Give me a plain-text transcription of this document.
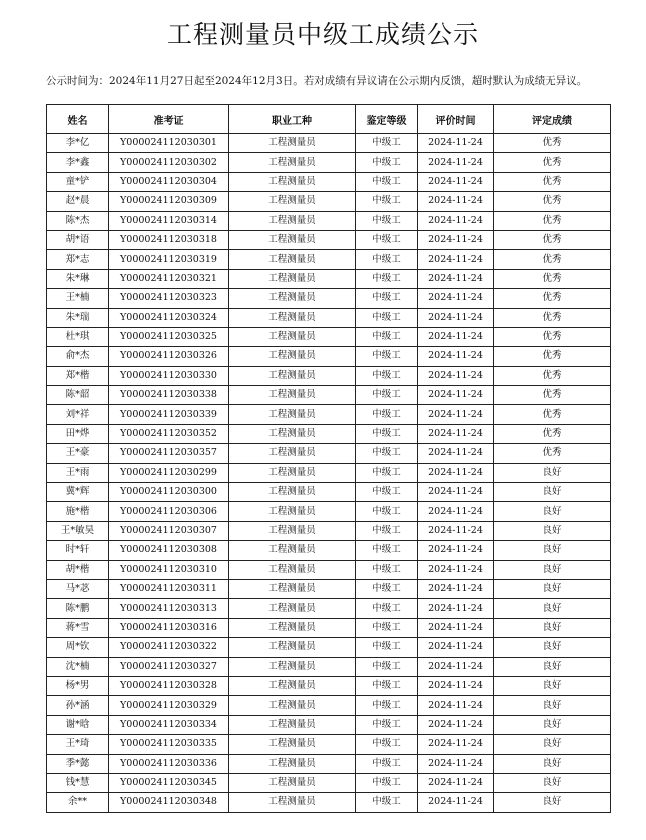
工程测量员中级工成绩公示
公示时间为：2024年11月27日起至2024年12月3日。若对成绩有异议请在公示期内反馈，超时默认为成绩无异议。
姓名	准考证	职业工种	鉴定等级	评价时间	评定成绩
李*亿	Y000024112030301	工程测量员	中级工	2024-11-24	优秀
李*鑫	Y000024112030302	工程测量员	中级工	2024-11-24	优秀
童*铲	Y000024112030304	工程测量员	中级工	2024-11-24	优秀
赵*晨	Y000024112030309	工程测量员	中级工	2024-11-24	优秀
陈*杰	Y000024112030314	工程测量员	中级工	2024-11-24	优秀
胡*语	Y000024112030318	工程测量员	中级工	2024-11-24	优秀
郑*志	Y000024112030319	工程测量员	中级工	2024-11-24	优秀
朱*琳	Y000024112030321	工程测量员	中级工	2024-11-24	优秀
王*楠	Y000024112030323	工程测量员	中级工	2024-11-24	优秀
朱*瑞	Y000024112030324	工程测量员	中级工	2024-11-24	优秀
杜*琪	Y000024112030325	工程测量员	中级工	2024-11-24	优秀
俞*杰	Y000024112030326	工程测量员	中级工	2024-11-24	优秀
郑*楷	Y000024112030330	工程测量员	中级工	2024-11-24	优秀
陈*韶	Y000024112030338	工程测量员	中级工	2024-11-24	优秀
刘*祥	Y000024112030339	工程测量员	中级工	2024-11-24	优秀
田*烨	Y000024112030352	工程测量员	中级工	2024-11-24	优秀
王*豪	Y000024112030357	工程测量员	中级工	2024-11-24	优秀
王*雨	Y000024112030299	工程测量员	中级工	2024-11-24	良好
冀*辉	Y000024112030300	工程测量员	中级工	2024-11-24	良好
施*楷	Y000024112030306	工程测量员	中级工	2024-11-24	良好
王*敏昊	Y000024112030307	工程测量员	中级工	2024-11-24	良好
时*轩	Y000024112030308	工程测量员	中级工	2024-11-24	良好
胡*楷	Y000024112030310	工程测量员	中级工	2024-11-24	良好
马*苾	Y000024112030311	工程测量员	中级工	2024-11-24	良好
陈*鹏	Y000024112030313	工程测量员	中级工	2024-11-24	良好
蒋*雪	Y000024112030316	工程测量员	中级工	2024-11-24	良好
周*钦	Y000024112030322	工程测量员	中级工	2024-11-24	良好
沈*楠	Y000024112030327	工程测量员	中级工	2024-11-24	良好
杨*男	Y000024112030328	工程测量员	中级工	2024-11-24	良好
孙*涵	Y000024112030329	工程测量员	中级工	2024-11-24	良好
谢*晗	Y000024112030334	工程测量员	中级工	2024-11-24	良好
王*琦	Y000024112030335	工程测量员	中级工	2024-11-24	良好
季*懿	Y000024112030336	工程测量员	中级工	2024-11-24	良好
钱*慧	Y000024112030345	工程测量员	中级工	2024-11-24	良好
余**	Y000024112030348	工程测量员	中级工	2024-11-24	良好
